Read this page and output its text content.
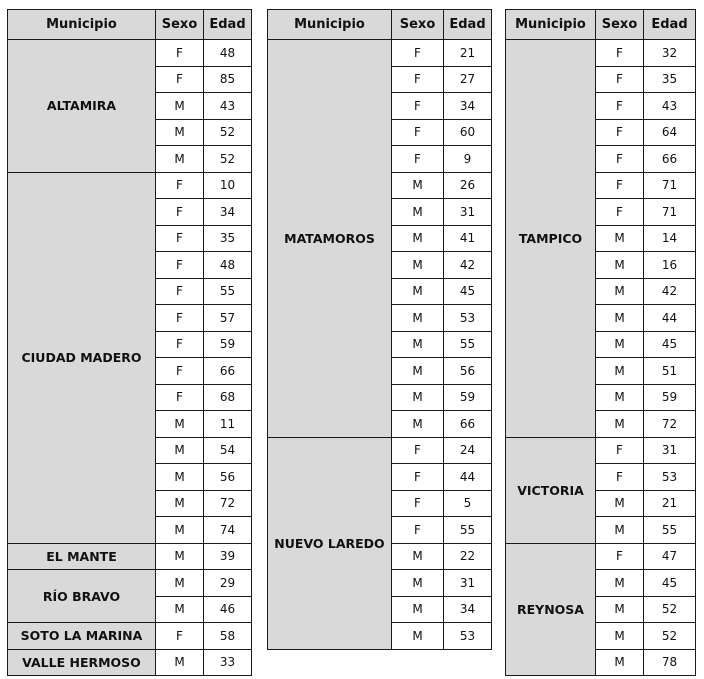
Municipio	Sexo	Edad
ALTAMIRA	F	48
	F	85
	M	43
	M	52
	M	52
CIUDAD MADERO	F	10
	F	34
	F	35
	F	48
	F	55
	F	57
	F	59
	F	66
	F	68
	M	11
	M	54
	M	56
	M	72
	M	74
EL MANTE	M	39
RÍO BRAVO	M	29
	M	46
SOTO LA MARINA	F	58
VALLE HERMOSO	M	33
Municipio	Sexo	Edad
MATAMOROS	F	21
	F	27
	F	34
	F	60
	F	9
	M	26
	M	31
	M	41
	M	42
	M	45
	M	53
	M	55
	M	56
	M	59
	M	66
NUEVO LAREDO	F	24
	F	44
	F	5
	F	55
	M	22
	M	31
	M	34
	M	53
Municipio	Sexo	Edad
TAMPICO	F	32
	F	35
	F	43
	F	64
	F	66
	F	71
	F	71
	M	14
	M	16
	M	42
	M	44
	M	45
	M	51
	M	59
	M	72
VICTORIA	F	31
	F	53
	M	21
	M	55
REYNOSA	F	47
	M	45
	M	52
	M	52
	M	78
